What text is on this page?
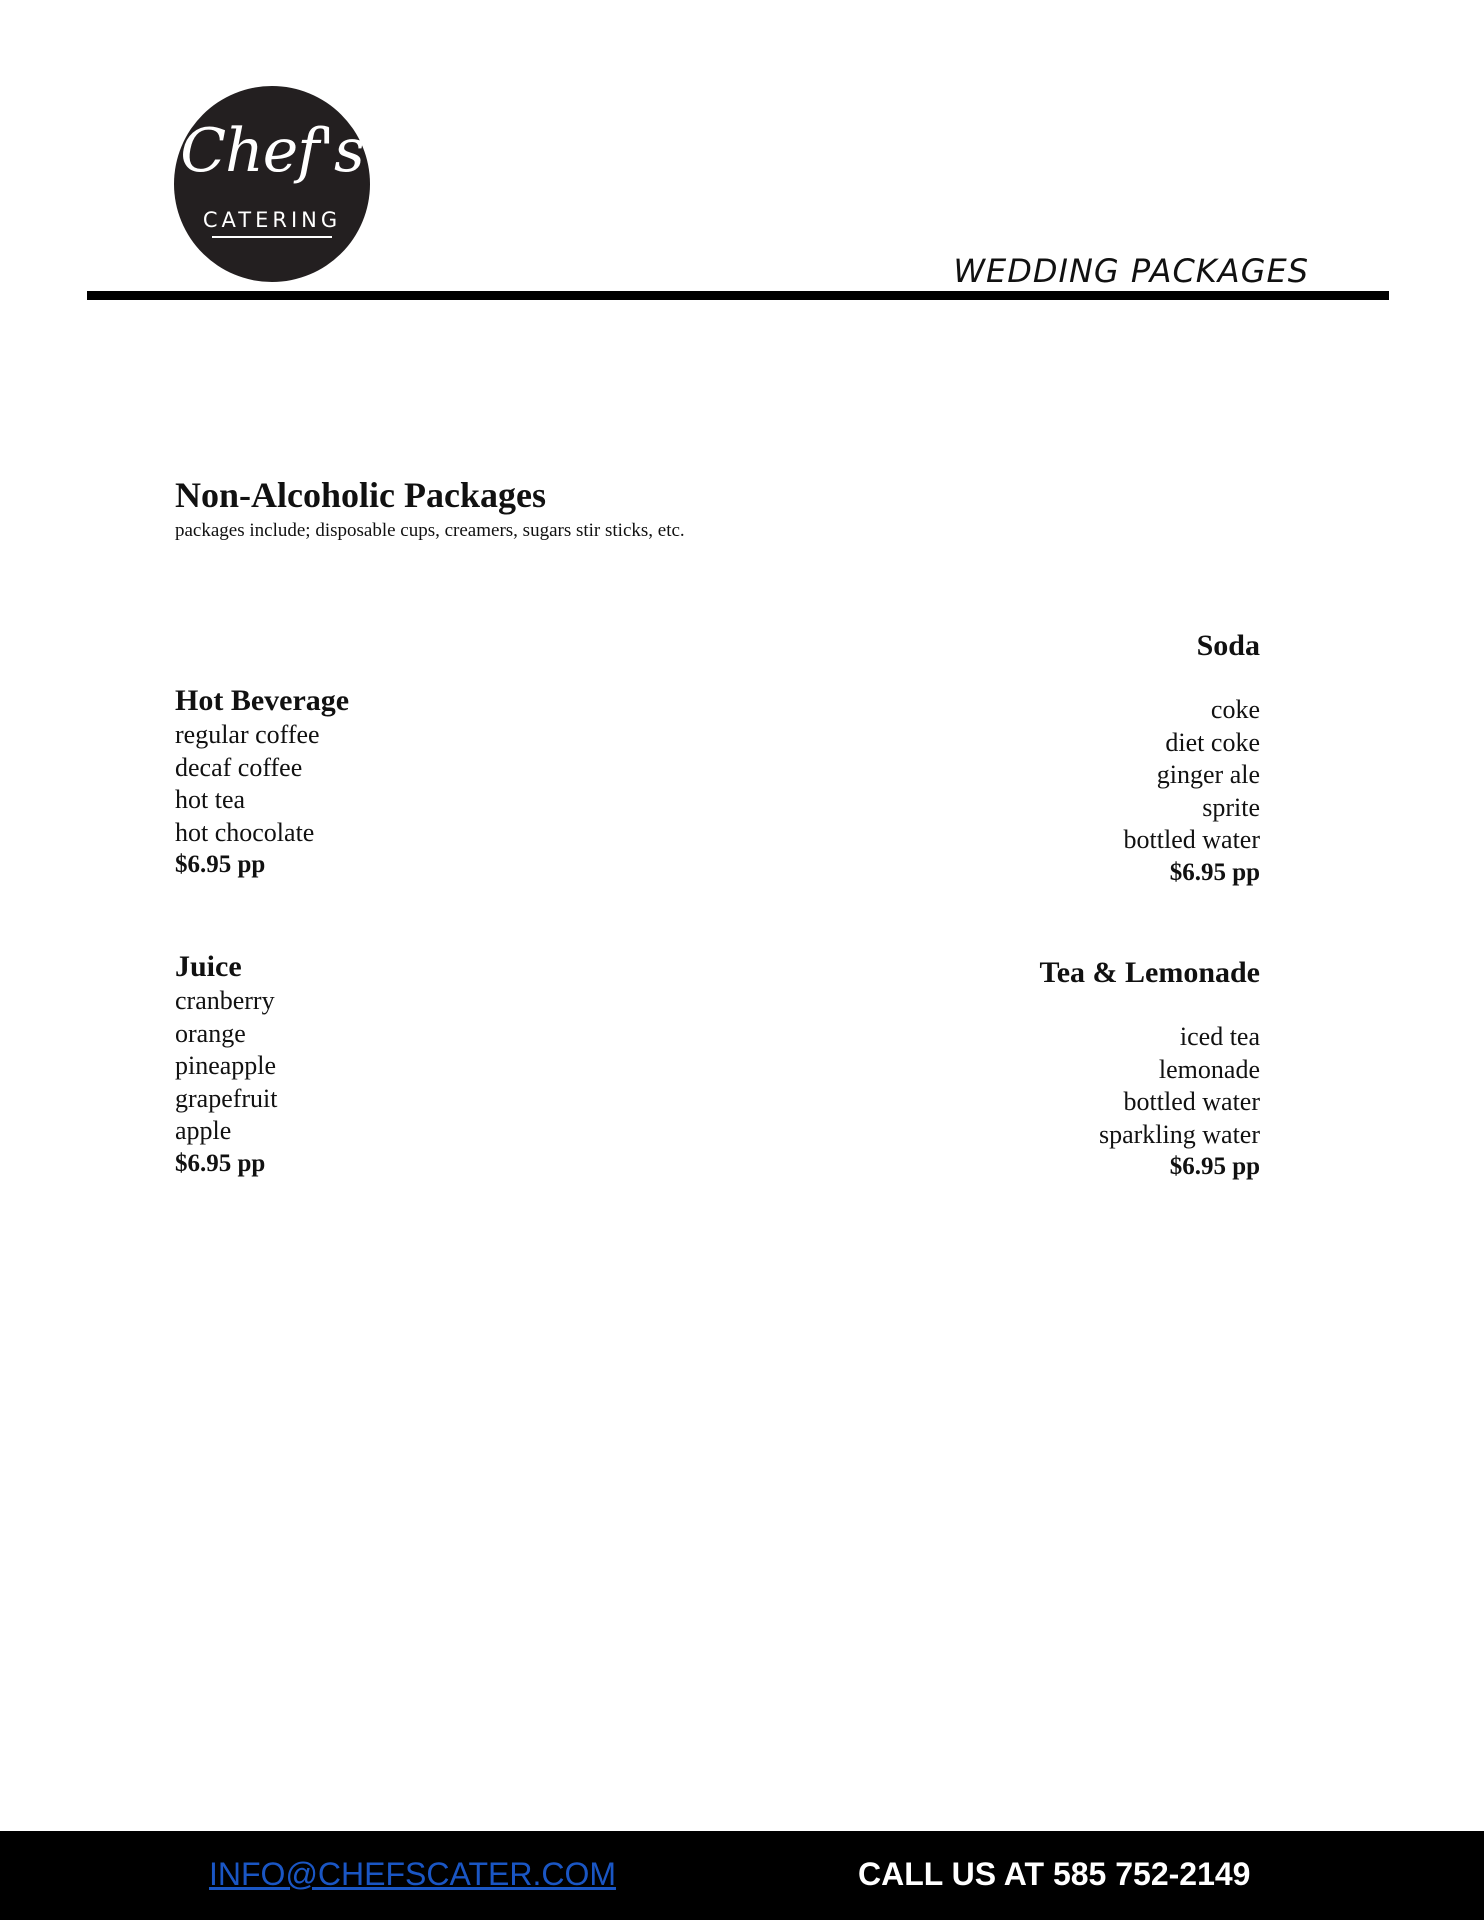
Chef's
CATERING
WEDDING PACKAGES
Non-Alcoholic Packages
packages include; disposable cups, creamers, sugars stir sticks, etc.
Hot Beverage
regular coffee
decaf coffee
hot tea
hot chocolate
$6.95 pp
Juice
cranberry
orange
pineapple
grapefruit
apple
$6.95 pp
Soda
coke
diet coke
ginger ale
sprite
bottled water
$6.95 pp
Tea & Lemonade
iced tea
lemonade
bottled water
sparkling water
$6.95 pp
INFO@CHEFSCATER.COM	CALL US AT 585 752-2149
